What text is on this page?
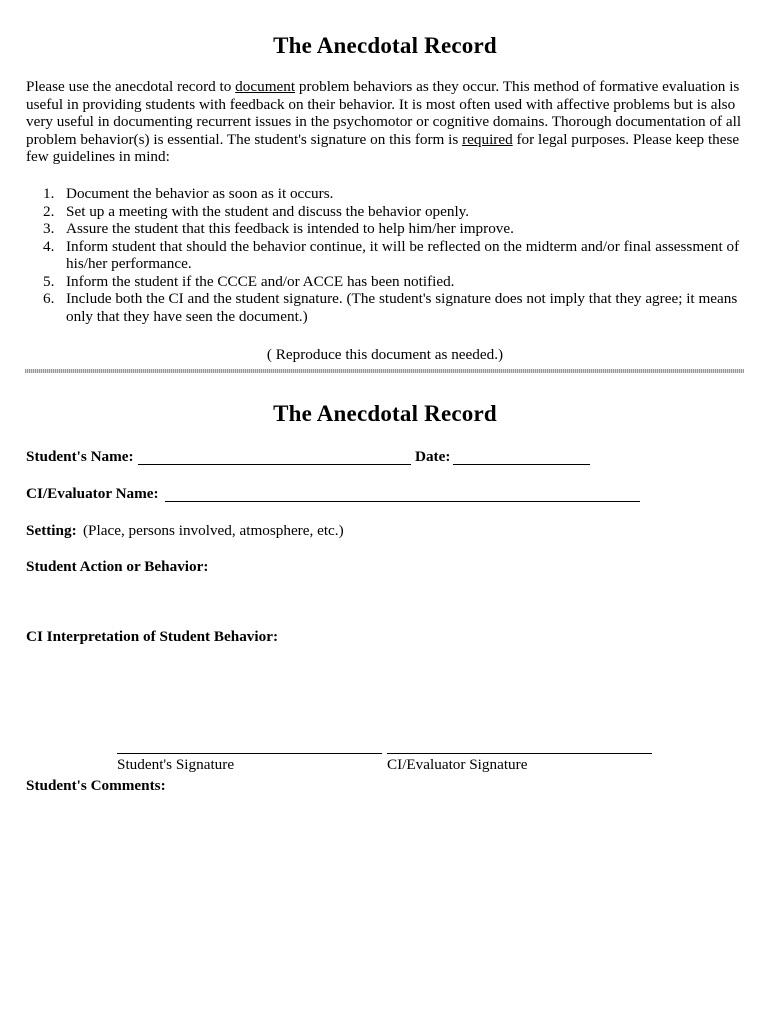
The Anecdotal Record

Please use the anecdotal record to document problem behaviors as they occur. This method of formative evaluation is useful in providing students with feedback on their behavior. It is most often used with affective problems but is also very useful in documenting recurrent issues in the psychomotor or cognitive domains. Thorough documentation of all problem behavior(s) is essential. The student's signature on this form is required for legal purposes. Please keep these few guidelines in mind:

1. Document the behavior as soon as it occurs.
2. Set up a meeting with the student and discuss the behavior openly.
3. Assure the student that this feedback is intended to help him/her improve.
4. Inform student that should the behavior continue, it will be reflected on the midterm and/or final assessment of his/her performance.
5. Inform the student if the CCCE and/or ACCE has been notified.
6. Include both the CI and the student signature. (The student's signature does not imply that they agree; it means only that they have seen the document.)
( Reproduce this document as needed.)
The Anecdotal Record
Student's Name:	Date:
CI/Evaluator Name:
Setting: (Place, persons involved, atmosphere, etc.)
Student Action or Behavior:
CI Interpretation of Student Behavior:
Student's Signature	CI/Evaluator Signature
Student's Comments:
